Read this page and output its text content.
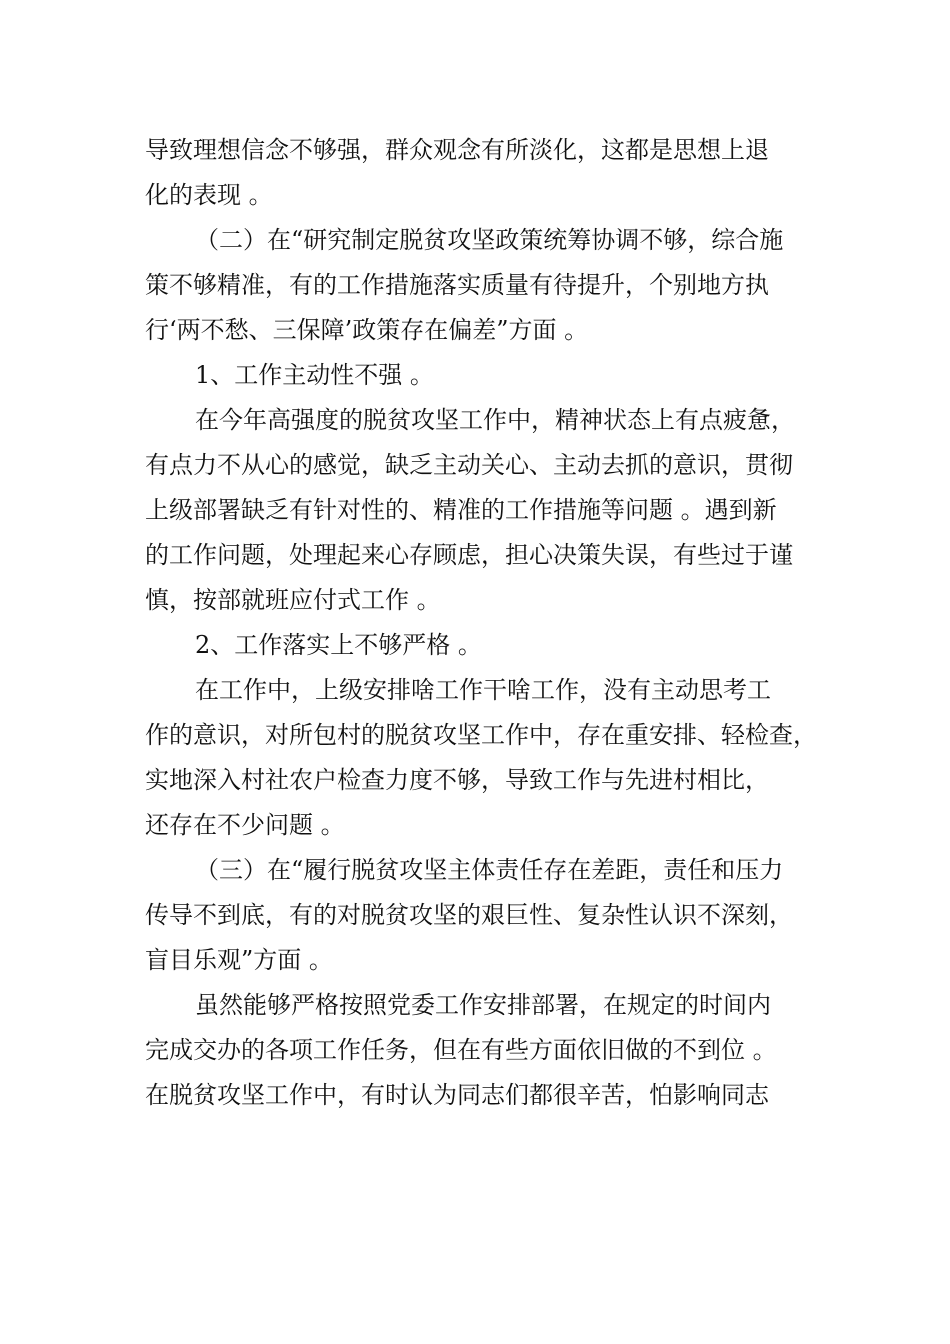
导致理想信念不够强，群众观念有所淡化，这都是思想上退
化的表现 。
（二）在“研究制定脱贫攻坚政策统筹协调不够，综合施
策不够精准，有的工作措施落实质量有待提升，个别地方执
行‘两不愁、三保障’政策存在偏差”方面 。
1、工作主动性不强 。
在今年高强度的脱贫攻坚工作中，精神状态上有点疲惫，
有点力不从心的感觉，缺乏主动关心、主动去抓的意识，贯彻
上级部署缺乏有针对性的、精准的工作措施等问题 。遇到新
的工作问题，处理起来心存顾虑，担心决策失误，有些过于谨
慎，按部就班应付式工作 。
2、工作落实上不够严格 。
在工作中，上级安排啥工作干啥工作，没有主动思考工
作的意识，对所包村的脱贫攻坚工作中，存在重安排、轻检查，
实地深入村社农户检查力度不够，导致工作与先进村相比，
还存在不少问题 。
（三）在“履行脱贫攻坚主体责任存在差距，责任和压力
传导不到底，有的对脱贫攻坚的艰巨性、复杂性认识不深刻，
盲目乐观”方面 。
虽然能够严格按照党委工作安排部署，在规定的时间内
完成交办的各项工作任务，但在有些方面依旧做的不到位 。
在脱贫攻坚工作中，有时认为同志们都很辛苦，怕影响同志
